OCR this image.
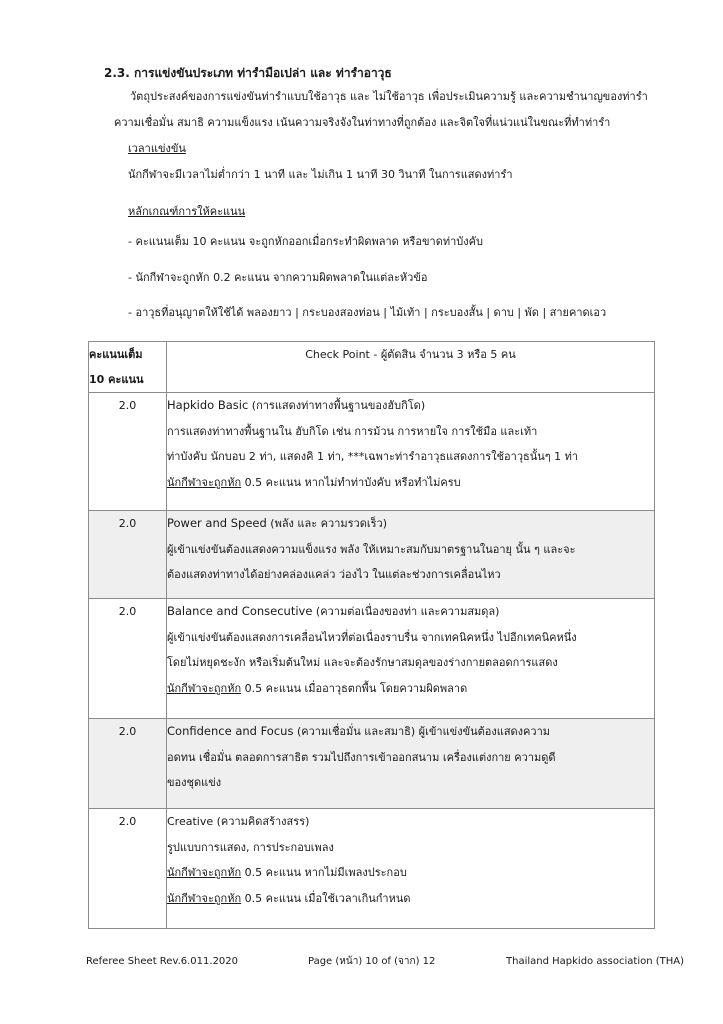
2.3. การแข่งขันประเภท ท่ารำมือเปล่า และ ท่ารำอาวุธ
วัตถุประสงค์ของการแข่งขันท่ารำแบบใช้อาวุธ และ ไม่ใช้อาวุธ เพื่อประเมินความรู้ และความชำนาญของท่ารำ
ความเชื่อมั่น สมาธิ ความแข็งแรง เน้นความจริงจังในท่าทางที่ถูกต้อง และจิตใจที่แน่วแน่ในขณะที่ทำท่ารำ
เวลาแข่งขัน
นักกีฬาจะมีเวลาไม่ต่ำกว่า 1 นาที และ ไม่เกิน 1 นาที 30 วินาที ในการแสดงท่ารำ
หลักเกณฑ์การให้คะแนน
- คะแนนเต็ม 10 คะแนน จะถูกหักออกเมื่อกระทำผิดพลาด หรือขาดท่าบังคับ
- นักกีฬาจะถูกหัก 0.2 คะแนน จากความผิดพลาดในแต่ละหัวข้อ
- อาวุธที่อนุญาตให้ใช้ได้ พลองยาว | กระบองสองท่อน | ไม้เท้า | กระบองสั้น | ดาบ | พัด | สายคาดเอว
คะแนนเต็ม
10 คะแนน	Check Point - ผู้ตัดสิน จำนวน 3 หรือ 5 คน
2.0	Hapkido Basic (การแสดงท่าทางพื้นฐานของฮับกิโด)
การแสดงท่าทางพื้นฐานใน ฮับกิโด เช่น การม้วน การหายใจ การใช้มือ และเท้า
ท่าบังคับ นักบอบ 2 ท่า, แสดงคิ 1 ท่า, ***เฉพาะท่ารำอาวุธแสดงการใช้อาวุธนั้นๆ 1 ท่า
นักกีฬาจะถูกหัก 0.5 คะแนน หากไม่ทำท่าบังคับ หรือทำไม่ครบ

2.0	Power and Speed (พลัง และ ความรวดเร็ว)
ผู้เข้าแข่งขันต้องแสดงความแข็งแรง พลัง ให้เหมาะสมกับมาตรฐานในอายุ นั้น ๆ และจะ
ต้องแสดงท่าทางได้อย่างคล่องแคล่ว ว่องไว ในแต่ละช่วงการเคลื่อนไหว

2.0	Balance and Consecutive (ความต่อเนื่องของท่า และความสมดุล)
ผู้เข้าแข่งขันต้องแสดงการเคลื่อนไหวที่ต่อเนื่องราบรื่น จากเทคนิคหนึ่ง ไปอีกเทคนิคหนึ่ง
โดยไม่หยุดชะงัก หรือเริ่มต้นใหม่ และจะต้องรักษาสมดุลของร่างกายตลอดการแสดง
นักกีฬาจะถูกหัก 0.5 คะแนน เมื่ออาวุธตกพื้น โดยความผิดพลาด

2.0	Confidence and Focus (ความเชื่อมั่น และสมาธิ) ผู้เข้าแข่งขันต้องแสดงความ
อดทน เชื่อมั่น ตลอดการสาธิต รวมไปถึงการเข้าออกสนาม เครื่องแต่งกาย ความดูดี
ของชุดแข่ง

2.0	Creative (ความคิดสร้างสรร)
รูปแบบการแสดง, การประกอบเพลง
นักกีฬาจะถูกหัก 0.5 คะแนน หากไม่มีเพลงประกอบ
นักกีฬาจะถูกหัก 0.5 คะแนน เมื่อใช้เวลาเกินกำหนด
Referee Sheet Rev.6.011.2020	Page (หน้า) 10 of (จาก) 12	Thailand Hapkido association (THA)
